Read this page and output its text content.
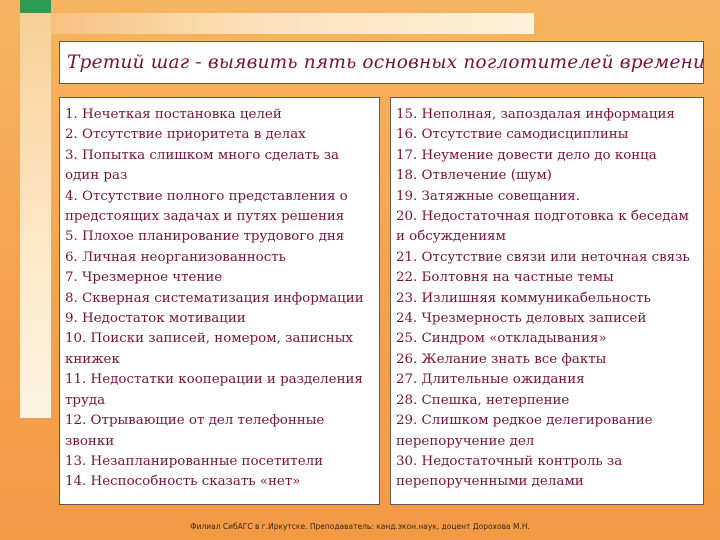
Третий шаг - выявить пять основных поглотителей времени
1. Нечеткая постановка целей
2. Отсутствие приоритета в делах
3. Попытка слишком много сделать за один раз
4. Отсутствие полного представления о предстоящих задачах и путях решения
5. Плохое планирование трудового дня
6. Личная неорганизованность
7. Чрезмерное чтение
8. Скверная систематизация информации
9. Недостаток мотивации
10. Поиски записей, номером, записных книжек
11. Недостатки кооперации и разделения труда
12. Отрывающие от дел телефонные звонки
13. Незапланированные посетители
14. Неспособность сказать «нет»
15. Неполная, запоздалая информация
16. Отсутствие самодисциплины
17. Неумение довести дело до конца
18. Отвлечение (шум)
19. Затяжные совещания.
20. Недостаточная подготовка к беседам и обсуждениям
21. Отсутствие связи или неточная связь
22. Болтовня на частные темы
23. Излишняя коммуникабельность
24. Чрезмерность деловых записей
25. Синдром «откладывания»
26. Желание знать все факты
27. Длительные ожидания
28. Спешка, нетерпение
29. Слишком редкое делегирование перепоручение дел
30. Недостаточный контроль за перепорученными делами
Филиал СибАГС в г.Иркутске. Преподаватель: канд.экон.наук, доцент Дорохова М.Н.
